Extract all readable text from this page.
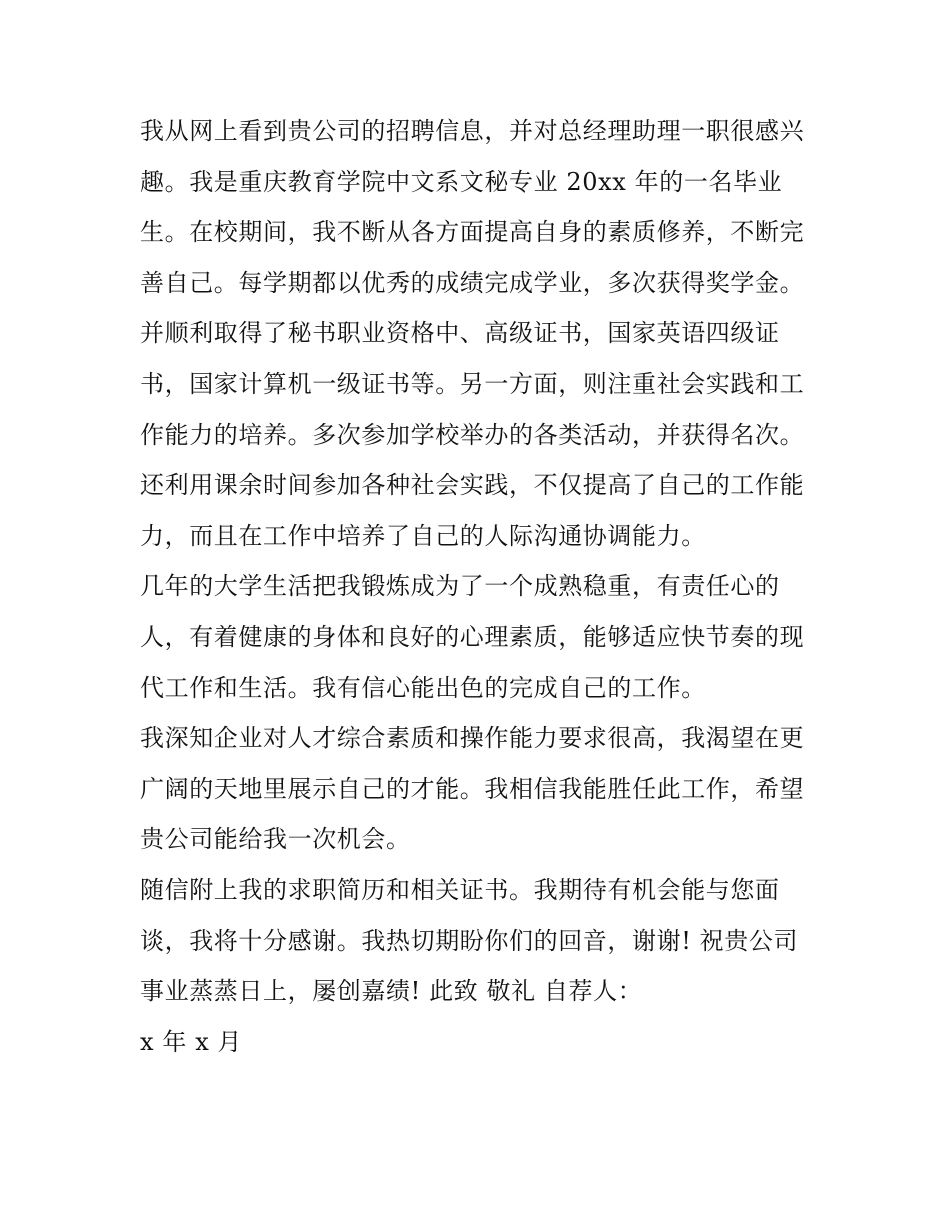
我从网上看到贵公司的招聘信息，并对总经理助理一职很感兴
趣。我是重庆教育学院中文系文秘专业 20xx 年的一名毕业
生。在校期间，我不断从各方面提高自身的素质修养，不断完
善自己。每学期都以优秀的成绩完成学业，多次获得奖学金。
并顺利取得了秘书职业资格中、高级证书，国家英语四级证
书，国家计算机一级证书等。另一方面，则注重社会实践和工
作能力的培养。多次参加学校举办的各类活动，并获得名次。
还利用课余时间参加各种社会实践，不仅提高了自己的工作能
力，而且在工作中培养了自己的人际沟通协调能力。
几年的大学生活把我锻炼成为了一个成熟稳重，有责任心的
人，有着健康的身体和良好的心理素质，能够适应快节奏的现
代工作和生活。我有信心能出色的完成自己的工作。
我深知企业对人才综合素质和操作能力要求很高，我渴望在更
广阔的天地里展示自己的才能。我相信我能胜任此工作，希望
贵公司能给我一次机会。
随信附上我的求职简历和相关证书。我期待有机会能与您面
谈，我将十分感谢。我热切期盼你们的回音，谢谢! 祝贵公司
事业蒸蒸日上，屡创嘉绩! 此致 敬礼 自荐人：
x 年 x 月
